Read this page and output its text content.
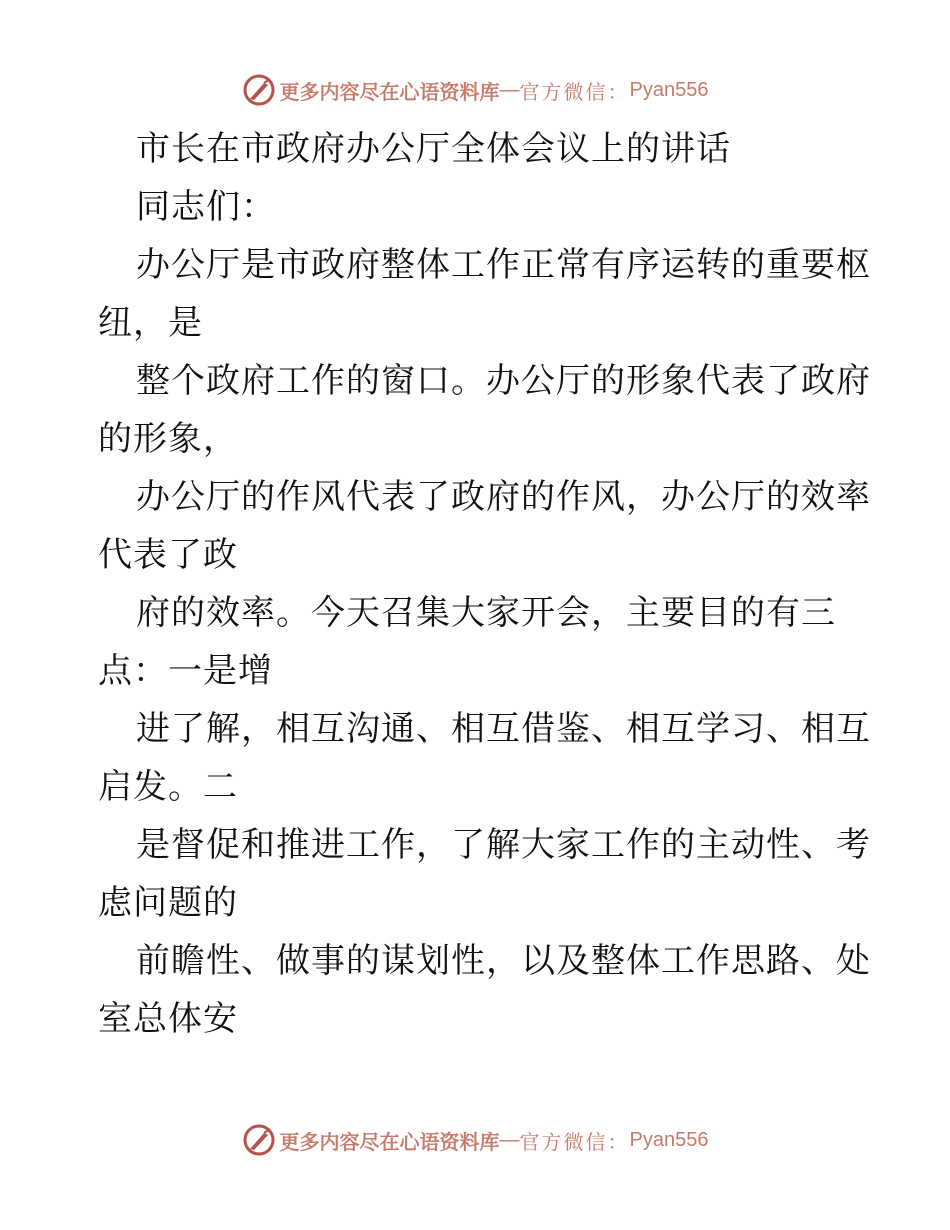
更多内容尽在心语资料库 — 官方微信： Pyan556
市长在市政府办公厅全体会议上的讲话
同志们：
办公厅是市政府整体工作正常有序运转的重要枢
纽，是
整个政府工作的窗口。办公厅的形象代表了政府
的形象，
办公厅的作风代表了政府的作风，办公厅的效率
代表了政
府的效率。今天召集大家开会，主要目的有三
点：一是增
进了解，相互沟通、相互借鉴、相互学习、相互
启发。二
是督促和推进工作，了解大家工作的主动性、考
虑问题的
前瞻性、做事的谋划性，以及整体工作思路、处
室总体安
更多内容尽在心语资料库 — 官方微信： Pyan556
